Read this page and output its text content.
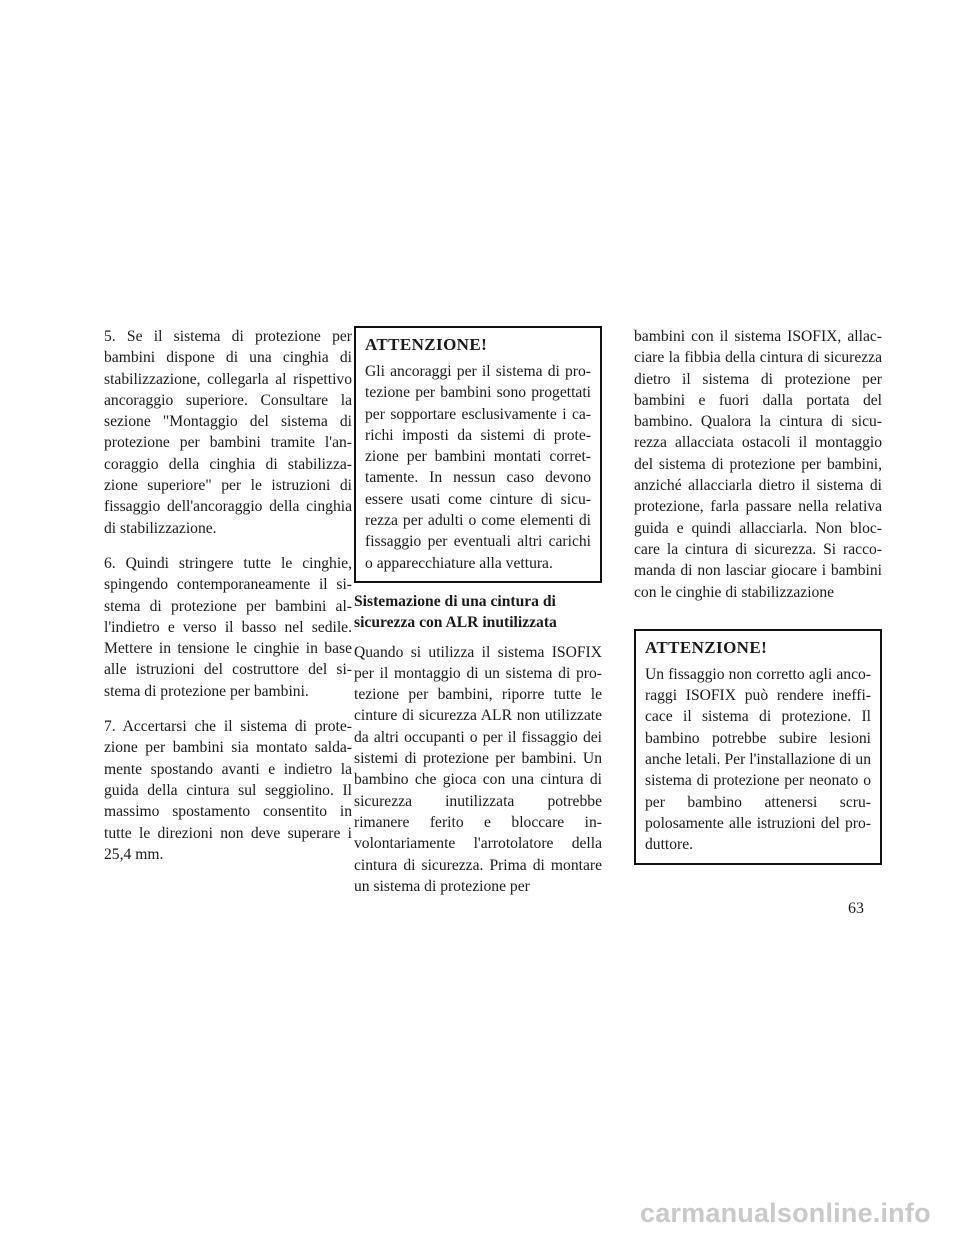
5. Se il sistema di protezione per bambini dispone di una cinghia di stabilizzazione, collegarla al rispettivo ancoraggio superiore. Consultare la sezione "Montaggio del sistema di protezione per bambini tramite l'ancoraggio della cinghia di stabilizzazione superiore" per le istruzioni di fissaggio dell'ancoraggio della cinghia di stabilizzazione.

6. Quindi stringere tutte le cinghie, spingendo contemporaneamente il sistema di protezione per bambini all'indietro e verso il basso nel sedile. Mettere in tensione le cinghie in base alle istruzioni del costruttore del sistema di protezione per bambini.

7. Accertarsi che il sistema di protezione per bambini sia montato saldamente spostando avanti e indietro la guida della cintura sul seggiolino. Il massimo spostamento consentito in tutte le direzioni non deve superare i 25,4 mm.

ATTENZIONE!

Gli ancoraggi per il sistema di protezione per bambini sono progettati per sopportare esclusivamente i carichi imposti da sistemi di protezione per bambini montati correttamente. In nessun caso devono essere usati come cinture di sicurezza per adulti o come elementi di fissaggio per eventuali altri carichi o apparecchiature alla vettura.

Sistemazione di una cintura di sicurezza con ALR inutilizzata

Quando si utilizza il sistema ISOFIX per il montaggio di un sistema di protezione per bambini, riporre tutte le cinture di sicurezza ALR non utilizzate da altri occupanti o per il fissaggio dei sistemi di protezione per bambini. Un bambino che gioca con una cintura di sicurezza inutilizzata potrebbe rimanere ferito e bloccare involontariamente l'arrotolatore della cintura di sicurezza. Prima di montare un sistema di protezione per

bambini con il sistema ISOFIX, allacciare la fibbia della cintura di sicurezza dietro il sistema di protezione per bambini e fuori dalla portata del bambino. Qualora la cintura di sicurezza allacciata ostacoli il montaggio del sistema di protezione per bambini, anziché allacciarla dietro il sistema di protezione, farla passare nella relativa guida e quindi allacciarla. Non bloccare la cintura di sicurezza. Si raccomanda di non lasciar giocare i bambini con le cinghie di stabilizzazione

ATTENZIONE!

Un fissaggio non corretto agli ancoraggi ISOFIX può rendere inefficace il sistema di protezione. Il bambino potrebbe subire lesioni anche letali. Per l'installazione di un sistema di protezione per neonato o per bambino attenersi scrupolosamente alle istruzioni del produttore.

63
carmanualsonline.info
